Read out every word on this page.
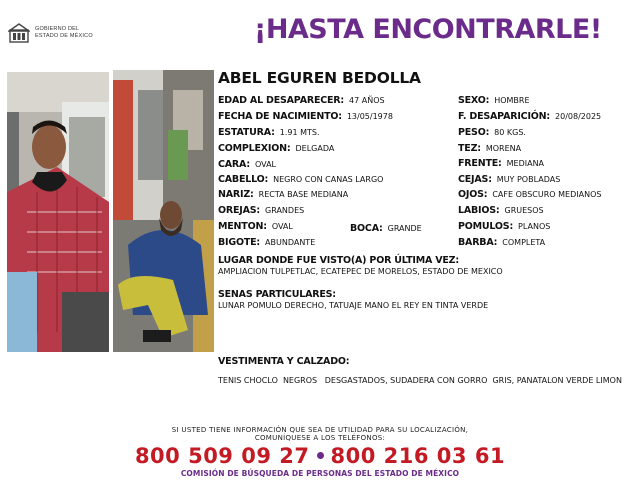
GOBIERNO DEL
ESTADO DE MÉXICO	¡HASTA ENCONTRARLE!
ABEL EGUREN BEDOLLA
EDAD AL DESAPARECER: 47 AÑOS
FECHA DE NACIMIENTO: 13/05/1978
ESTATURA: 1.91 MTS.
COMPLEXION: DELGADA
CARA: OVAL
CABELLO: NEGRO CON CANAS LARGO
NARIZ: RECTA BASE MEDIANA
OREJAS: GRANDES
MENTON: OVAL
BIGOTE: ABUNDANTE
BOCA: GRANDE
SEXO: HOMBRE
F. DESAPARICIÓN: 20/08/2025
PESO: 80 KGS.
TEZ: MORENA
FRENTE: MEDIANA
CEJAS: MUY POBLADAS
OJOS: CAFE OBSCURO MEDIANOS
LABIOS: GRUESOS
POMULOS: PLANOS
BARBA: COMPLETA
LUGAR DONDE FUE VISTO(A) POR ÚLTIMA VEZ:
AMPLIACION TULPETLAC, ECATEPEC DE MORELOS, ESTADO DE MEXICO
SENAS PARTICULARES:
LUNAR POMULO DERECHO, TATUAJE MANO EL REY EN TINTA VERDE
VESTIMENTA Y CALZADO:
TENIS CHOCLO  NEGROS   DESGASTADOS, SUDADERA CON GORRO  GRIS, PANATALON VERDE LIMON
SI USTED TIENE INFORMACIÓN QUE SEA DE UTILIDAD PARA SU LOCALIZACIÓN,
COMUNÍQUESE A LOS TELÉFONOS:
800 509 09 27 800 216 03 61
COMISIÓN DE BÚSQUEDA DE PERSONAS DEL ESTADO DE MÉXICO
